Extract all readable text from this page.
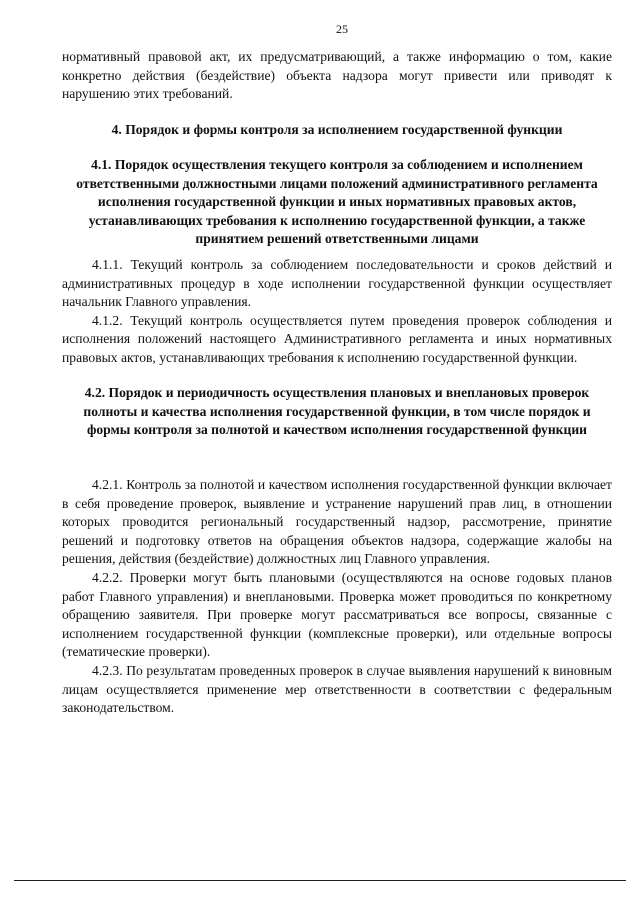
25

нормативный правовой акт, их предусматривающий, а также информацию о том, какие конкретно действия (бездействие) объекта надзора могут привести или приводят к нарушению этих требований.

4. Порядок и формы контроля за исполнением государственной функции
4.1. Порядок осуществления текущего контроля за соблюдением и исполнением ответственными должностными лицами положений административного регламента исполнения государственной функции и иных нормативных правовых актов, устанавливающих требования к исполнению государственной функции, а также принятием решений ответственными лицами

4.1.1. Текущий контроль за соблюдением последовательности и сроков действий и административных процедур в ходе исполнении государственной функции осуществляет начальник Главного управления.

4.1.2. Текущий контроль осуществляется путем проведения проверок соблюдения и исполнения положений настоящего Административного регламента и иных нормативных правовых актов, устанавливающих требования к исполнению государственной функции.

4.2. Порядок и периодичность осуществления плановых и внеплановых проверок полноты и качества исполнения государственной функции, в том числе порядок и формы контроля за полнотой и качеством исполнения государственной функции

4.2.1. Контроль за полнотой и качеством исполнения государственной функции включает в себя проведение проверок, выявление и устранение нарушений прав лиц, в отношении которых проводится региональный государственный надзор, рассмотрение, принятие решений и подготовку ответов на обращения объектов надзора, содержащие жалобы на решения, действия (бездействие) должностных лиц Главного управления.

4.2.2. Проверки могут быть плановыми (осуществляются на основе годовых планов работ Главного управления) и внеплановыми. Проверка может проводиться по конкретному обращению заявителя. При проверке могут рассматриваться все вопросы, связанные с исполнением государственной функции (комплексные проверки), или отдельные вопросы (тематические проверки).

4.2.3. По результатам проведенных проверок в случае выявления нарушений к виновным лицам осуществляется применение мер ответственности в соответствии с федеральным законодательством.
